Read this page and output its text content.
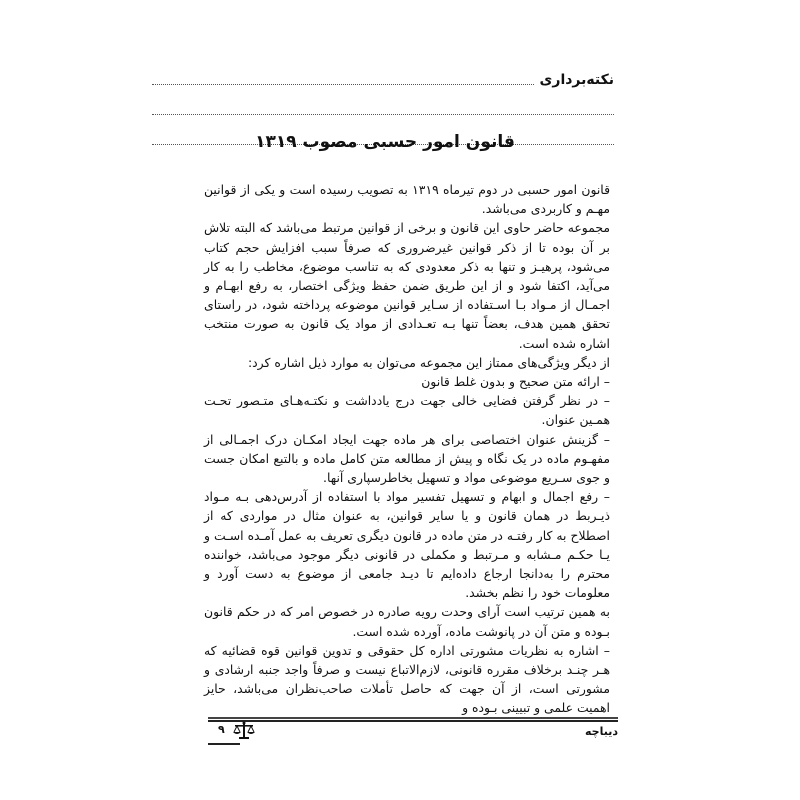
نکته‌برداری
قانون امور حسبی مصوب ۱۳۱۹

قانون امور حسبی در دوم تیرماه ۱۳۱۹ به تصویب رسیده است و یکی از قوانین مهـم و کاربردی می‌باشد.

مجموعه حاضر حاوی این قانون و برخی از قوانین مرتبط می‌باشد که البته تلاش بر آن بوده تا از ذکر قوانین غیرضروری که صرفاً سبب افزایش حجم کتاب می‌شود، پرهیـز و تنها به ذکر معدودی که به تناسب موضوع، مخاطب را به کار می‌آید، اکتفا شود و از این طریق ضمن حفظ ویژگی اختصار، به رفع ابهـام و اجمـال از مـواد بـا اسـتفاده از سـایر قوانین موضوعه پرداخته شود، در راستای تحقق همین هدف، بعضاً تنها بـه تعـدادی از مواد یک قانون به صورت منتخب اشاره شده است.

از دیگر ویژگی‌های ممتاز این مجموعه می‌توان به موارد ذیل اشاره کرد:

– ارائه متن صحیح و بدون غلط قانون

– در نظر گرفتن فضایی خالی جهت درج یادداشت و نکتـه‌هـای متـصور تحـت همـین عنوان.

– گزینش عنوان اختصاصی برای هر ماده جهت ایجاد امکـان درک اجمـالی از مفهـوم ماده در یک نگاه و پیش از مطالعه متن کامل ماده و بالتبع امکان جست و جوی سـریع موضوعی مواد و تسهیل بخاطرسپاری آنها.

– رفع اجمال و ابهام و تسهیل تفسیر مواد با استفاده از آدرس‌دهی بـه مـواد ذیـربط در همان قانون و یا سایر قوانین، به عنوان مثال در مواردی که از اصطلاح به کار رفتـه در متن ماده در قانون دیگری تعریف به عمل آمـده اسـت و یـا حکـم مـشابه و مـرتبط و مکملی در قانونی دیگر موجود می‌باشد، خواننده محترم را به‌دانجا ارجاع داده‌ایم تا دیـد جامعی از موضوع به دست آورد و معلومات خود را نظم بخشد.

به همین ترتیب است آرای وحدت رویه صادره در خصوص امر که در حکم قانون بـوده و متن آن در پانوشت ماده، آورده شده است.

– اشاره به نظریات مشورتی اداره کل حقوقی و تدوین قوانین قوه قضائیه که هـر چنـد برخلاف مقرره قانونی، لازم‌الاتباع نیست و صرفاً واجد جنبه ارشادی و مشورتی است، از آن جهت که حاصل تأملات صاحب‌نظران می‌باشد، حایز اهمیت علمی و تبیینی بـوده و

دیباچه
۹
